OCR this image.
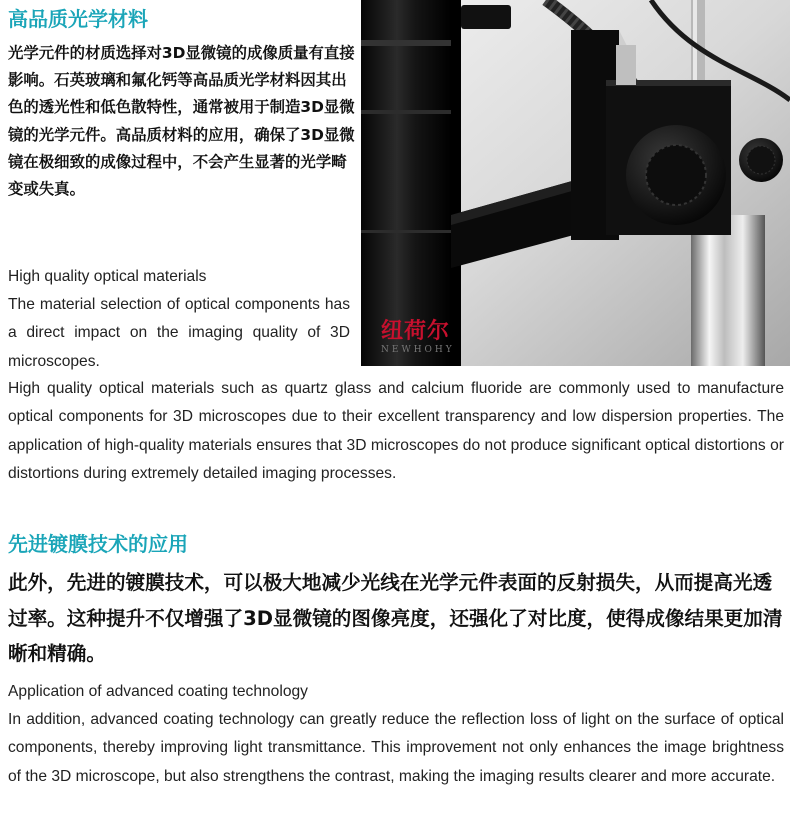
高品质光学材料

光学元件的材质选择对3D显微镜的成像质量有直接影响。石英玻璃和氟化钙等高品质光学材料因其出色的透光性和低色散特性，通常被用于制造3D显微镜的光学元件。高品质材料的应用，确保了3D显微镜在极细致的成像过程中，不会产生显著的光学畸变或失真。

High quality optical materials

The material selection of optical components has a direct impact on the imaging quality of 3D microscopes.

High quality optical materials such as quartz glass and calcium fluoride are commonly used to manufacture optical components for 3D microscopes due to their excellent transparency and low dispersion properties. The application of high-quality materials ensures that 3D microscopes do not produce significant optical distortions or distortions during extremely detailed imaging processes.

纽荷尔
NEWHOHY
先进镀膜技术的应用

此外，先进的镀膜技术，可以极大地减少光线在光学元件表面的反射损失，从而提高光透过率。这种提升不仅增强了3D显微镜的图像亮度，还强化了对比度，使得成像结果更加清晰和精确。

Application of advanced coating technology

In addition, advanced coating technology can greatly reduce the reflection loss of light on the surface of optical components, thereby improving light transmittance. This improvement not only enhances the image brightness of the 3D microscope, but also strengthens the contrast, making the imaging results clearer and more accurate.
